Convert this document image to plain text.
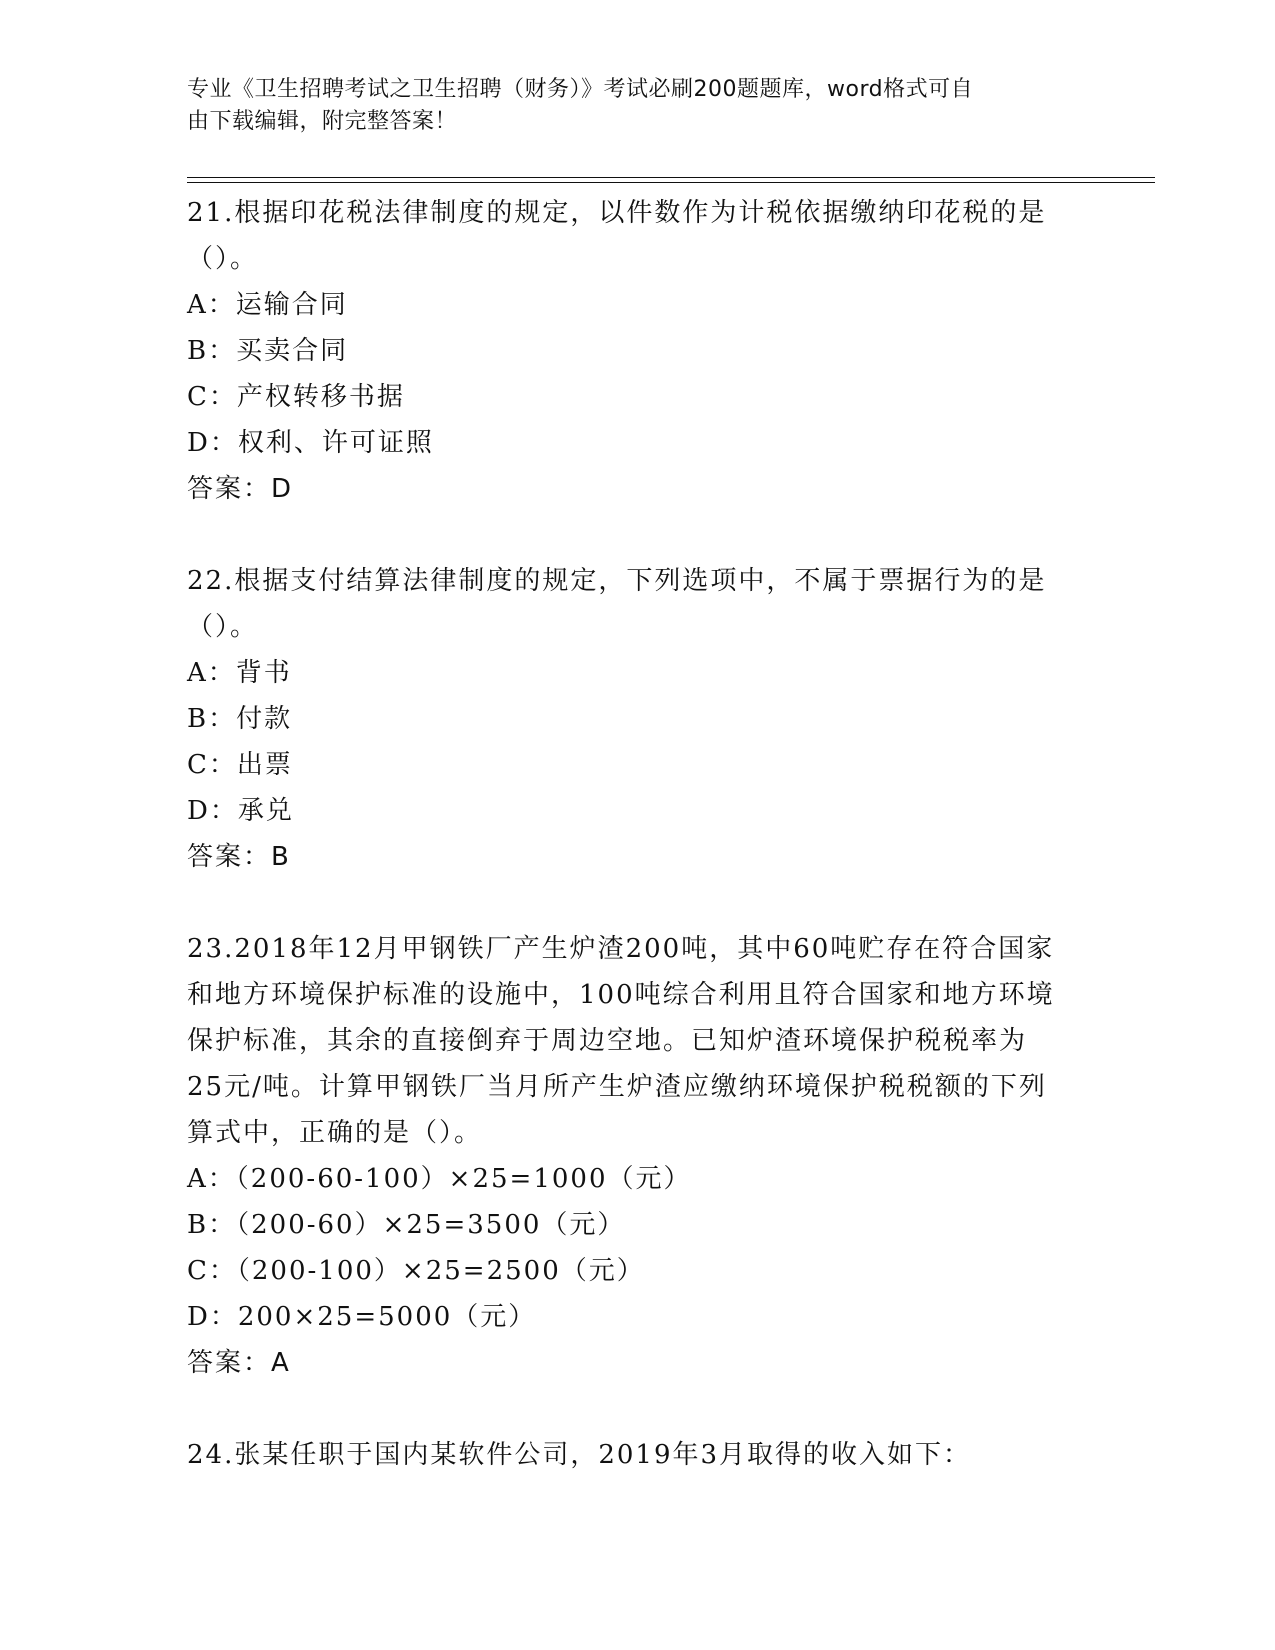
专业《卫生招聘考试之卫生招聘（财务）》考试必刷200题题库，word格式可自
由下载编辑，附完整答案！
21.根据印花税法律制度的规定，以件数作为计税依据缴纳印花税的是
（）。
A：运输合同
B：买卖合同
C：产权转移书据
D：权利、许可证照
答案：D
22.根据支付结算法律制度的规定，下列选项中，不属于票据行为的是
（）。
A：背书
B：付款
C：出票
D：承兑
答案：B
23.2018年12月甲钢铁厂产生炉渣200吨，其中60吨贮存在符合国家
和地方环境保护标准的设施中，100吨综合利用且符合国家和地方环境
保护标准，其余的直接倒弃于周边空地。已知炉渣环境保护税税率为
25元/吨。计算甲钢铁厂当月所产生炉渣应缴纳环境保护税税额的下列
算式中，正确的是（）。
A：（200-60-100）×25=1000（元）
B：（200-60）×25=3500（元）
C：（200-100）×25=2500（元）
D：200×25=5000（元）
答案：A
24.张某任职于国内某软件公司，2019年3月取得的收入如下：
